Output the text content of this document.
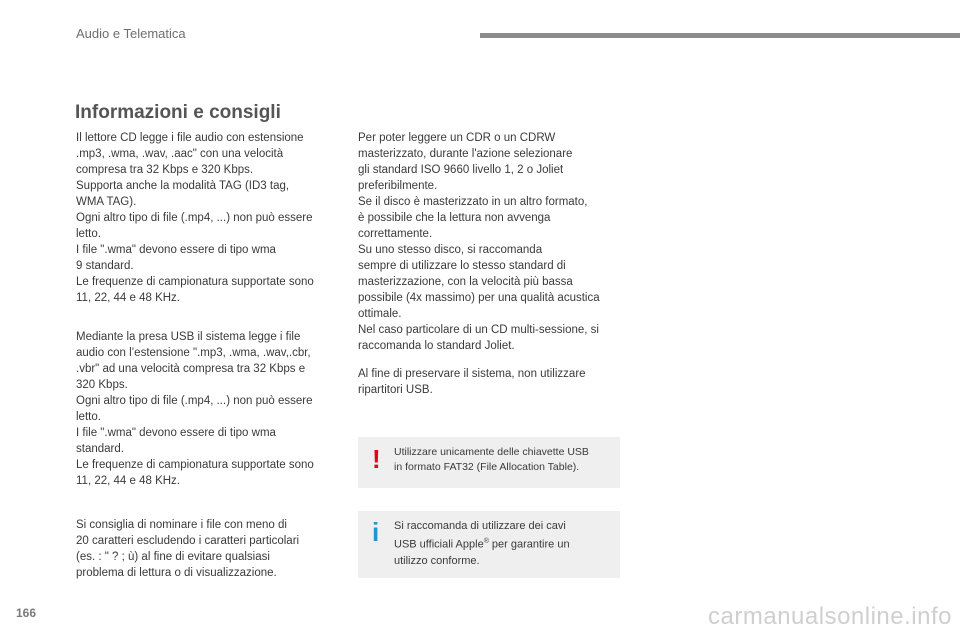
Audio e Telematica
Informazioni e consigli

Il lettore CD legge i file audio con estensione
.mp3, .wma, .wav, .aac" con una velocità
compresa tra 32 Kbps e 320 Kbps.
Supporta anche la modalità TAG (ID3 tag,
WMA TAG).
Ogni altro tipo di file (.mp4, ...) non può essere
letto.
I file ".wma" devono essere di tipo wma
9 standard.
Le frequenze di campionatura supportate sono
11, 22, 44 e 48 KHz.

Mediante la presa USB il sistema legge i file
audio con l’estensione ".mp3, .wma, .wav,.cbr,
.vbr" ad una velocità compresa tra 32 Kbps e
320 Kbps.
Ogni altro tipo di file (.mp4, ...) non può essere
letto.
I file ".wma" devono essere di tipo wma
standard.
Le frequenze di campionatura supportate sono
11, 22, 44 e 48 KHz.

Si consiglia di nominare i file con meno di
20 caratteri escludendo i caratteri particolari
(es. : " ? ; ù) al fine di evitare qualsiasi
problema di lettura o di visualizzazione.

Per poter leggere un CDR o un CDRW
masterizzato, durante l'azione selezionare
gli standard ISO 9660 livello 1, 2 o Joliet
preferibilmente.
Se il disco è masterizzato in un altro formato,
è possibile che la lettura non avvenga
correttamente.
Su uno stesso disco, si raccomanda
sempre di utilizzare lo stesso standard di
masterizzazione, con la velocità più bassa
possibile (4x massimo) per una qualità acustica
ottimale.
Nel caso particolare di un CD multi-sessione, si
raccomanda lo standard Joliet.

Al fine di preservare il sistema, non utilizzare
ripartitori USB.

! Utilizzare unicamente delle chiavette USB
in formato FAT32 (File Allocation Table).
i Si raccomanda di utilizzare dei cavi
USB ufficiali Apple® per garantire un
utilizzo conforme.
166	carmanualsonline.info
